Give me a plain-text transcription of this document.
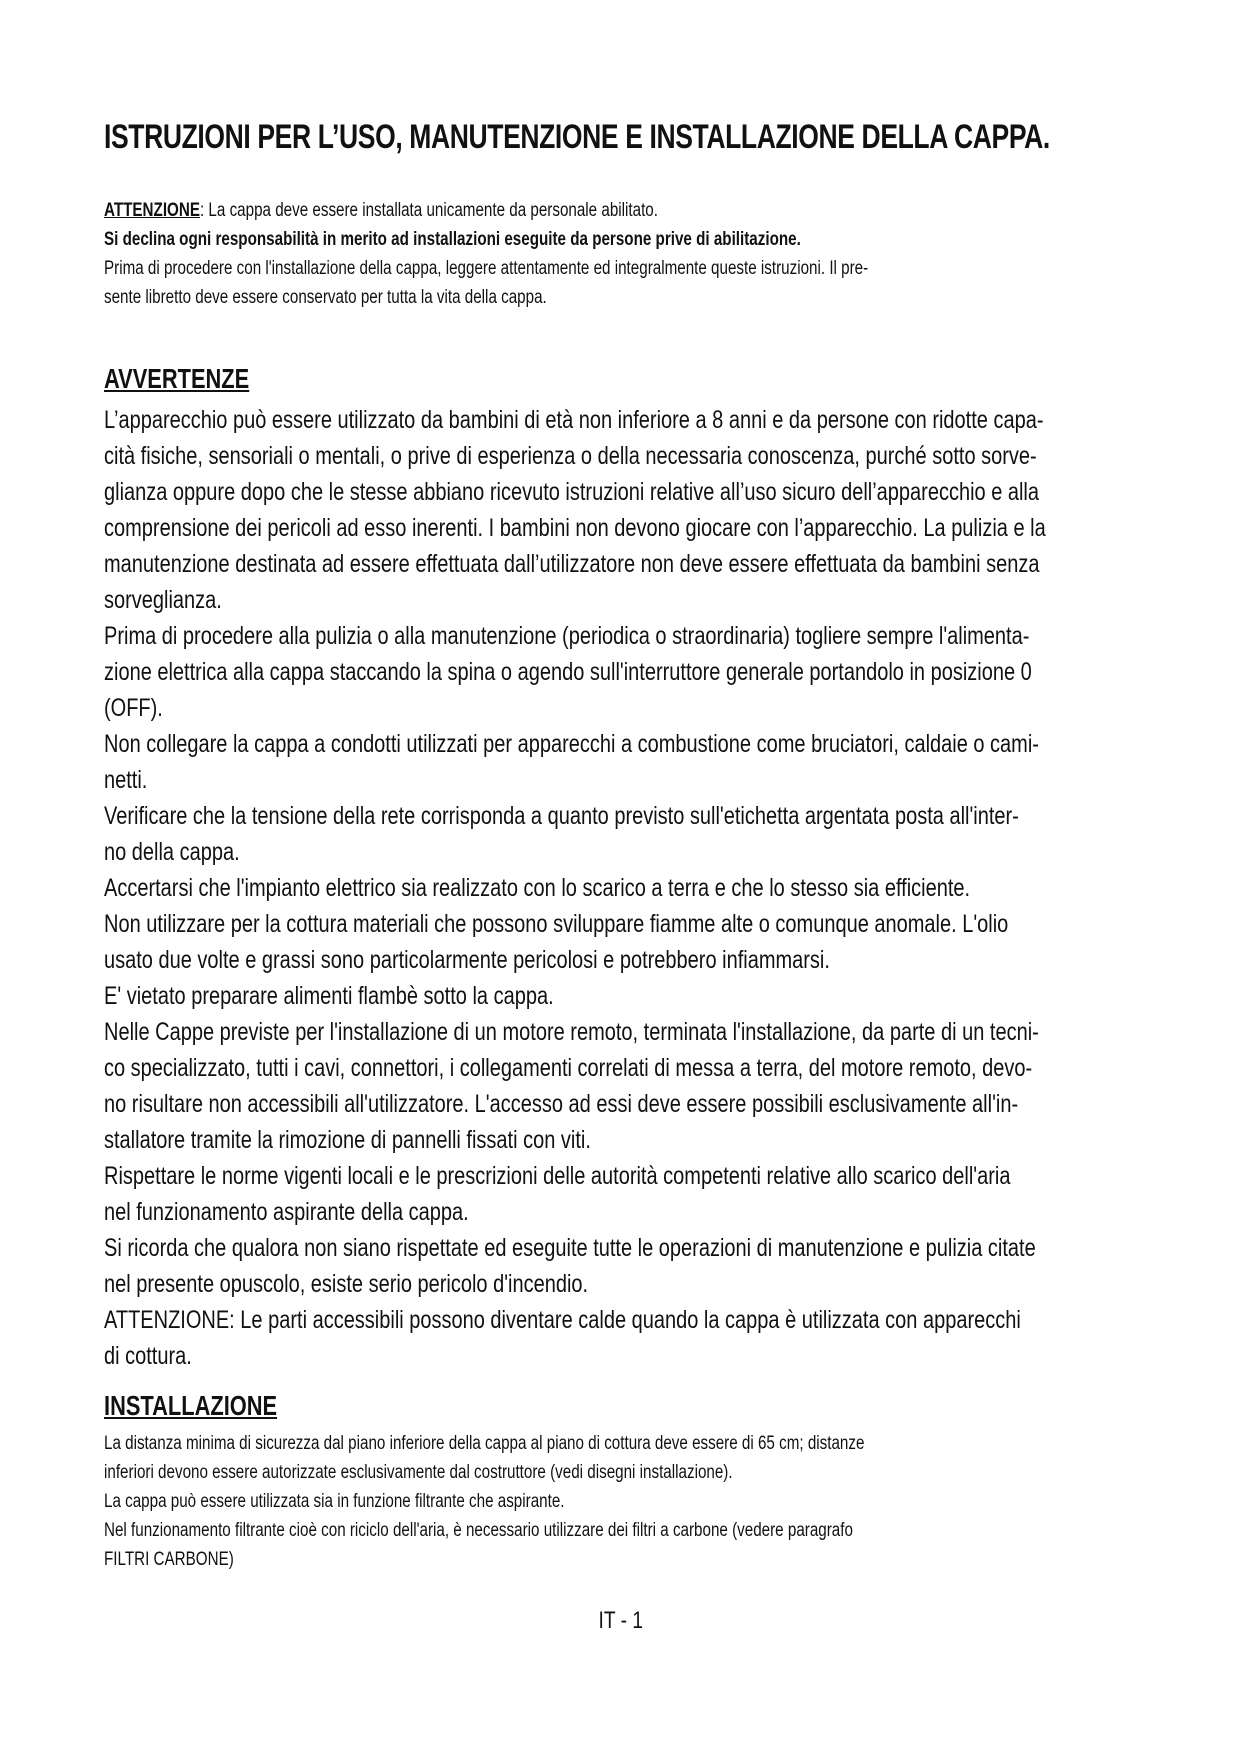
ISTRUZIONI PER L’USO, MANUTENZIONE E INSTALLAZIONE DELLA CAPPA.

ATTENZIONE: La cappa deve essere installata unicamente da personale abilitato.

Si declina ogni responsabilità in merito ad installazioni eseguite da persone prive di abilitazione.

Prima di procedere con l'installazione della cappa, leggere attentamente ed integralmente queste istruzioni. Il pre-

sente libretto deve essere conservato per tutta la vita della cappa.

AVVERTENZE

L’apparecchio può essere utilizzato da bambini di età non inferiore a 8 anni e da persone con ridotte capa-

cità fisiche, sensoriali o mentali, o prive di esperienza o della necessaria conoscenza, purché sotto sorve-

glianza oppure dopo che le stesse abbiano ricevuto istruzioni relative all’uso sicuro dell’apparecchio e alla

comprensione dei pericoli ad esso inerenti. I bambini non devono giocare con l’apparecchio. La pulizia e la

manutenzione destinata ad essere effettuata dall’utilizzatore non deve essere effettuata da bambini senza

sorveglianza.

Prima di procedere alla pulizia o alla manutenzione (periodica o straordinaria) togliere sempre l'alimenta-

zione elettrica alla cappa staccando la spina o agendo sull'interruttore generale portandolo in posizione 0

(OFF).

Non collegare la cappa a condotti utilizzati per apparecchi a combustione come bruciatori, caldaie o cami-

netti.

Verificare che la tensione della rete corrisponda a quanto previsto sull'etichetta argentata posta all'inter-

no della cappa.

Accertarsi che l'impianto elettrico sia realizzato con lo scarico a terra e che lo stesso sia efficiente.

Non utilizzare per la cottura materiali che possono sviluppare fiamme alte o comunque anomale. L'olio

usato due volte e grassi sono particolarmente pericolosi e potrebbero infiammarsi.

E' vietato preparare alimenti flambè sotto la cappa.

Nelle Cappe previste per l'installazione di un motore remoto, terminata l'installazione, da parte di un tecni-

co specializzato, tutti i cavi, connettori, i collegamenti correlati di messa a terra, del motore remoto, devo-

no risultare non accessibili all'utilizzatore. L'accesso ad essi deve essere possibili esclusivamente all'in-

stallatore tramite la rimozione di pannelli fissati con viti.

Rispettare le norme vigenti locali e le prescrizioni delle autorità competenti relative allo scarico dell'aria

nel funzionamento aspirante della cappa.

Si ricorda che qualora non siano rispettate ed eseguite tutte le operazioni di manutenzione e pulizia citate

nel presente opuscolo, esiste serio pericolo d'incendio.

ATTENZIONE: Le parti accessibili possono diventare calde quando la cappa è utilizzata con apparecchi

di cottura.

INSTALLAZIONE

La distanza minima di sicurezza dal piano inferiore della cappa al piano di cottura deve essere di 65 cm; distanze

inferiori devono essere autorizzate esclusivamente dal costruttore (vedi disegni installazione).

La cappa può essere utilizzata sia in funzione filtrante che aspirante.

Nel funzionamento filtrante cioè con riciclo dell'aria, è necessario utilizzare dei filtri a carbone (vedere paragrafo

FILTRI CARBONE)

IT - 1
